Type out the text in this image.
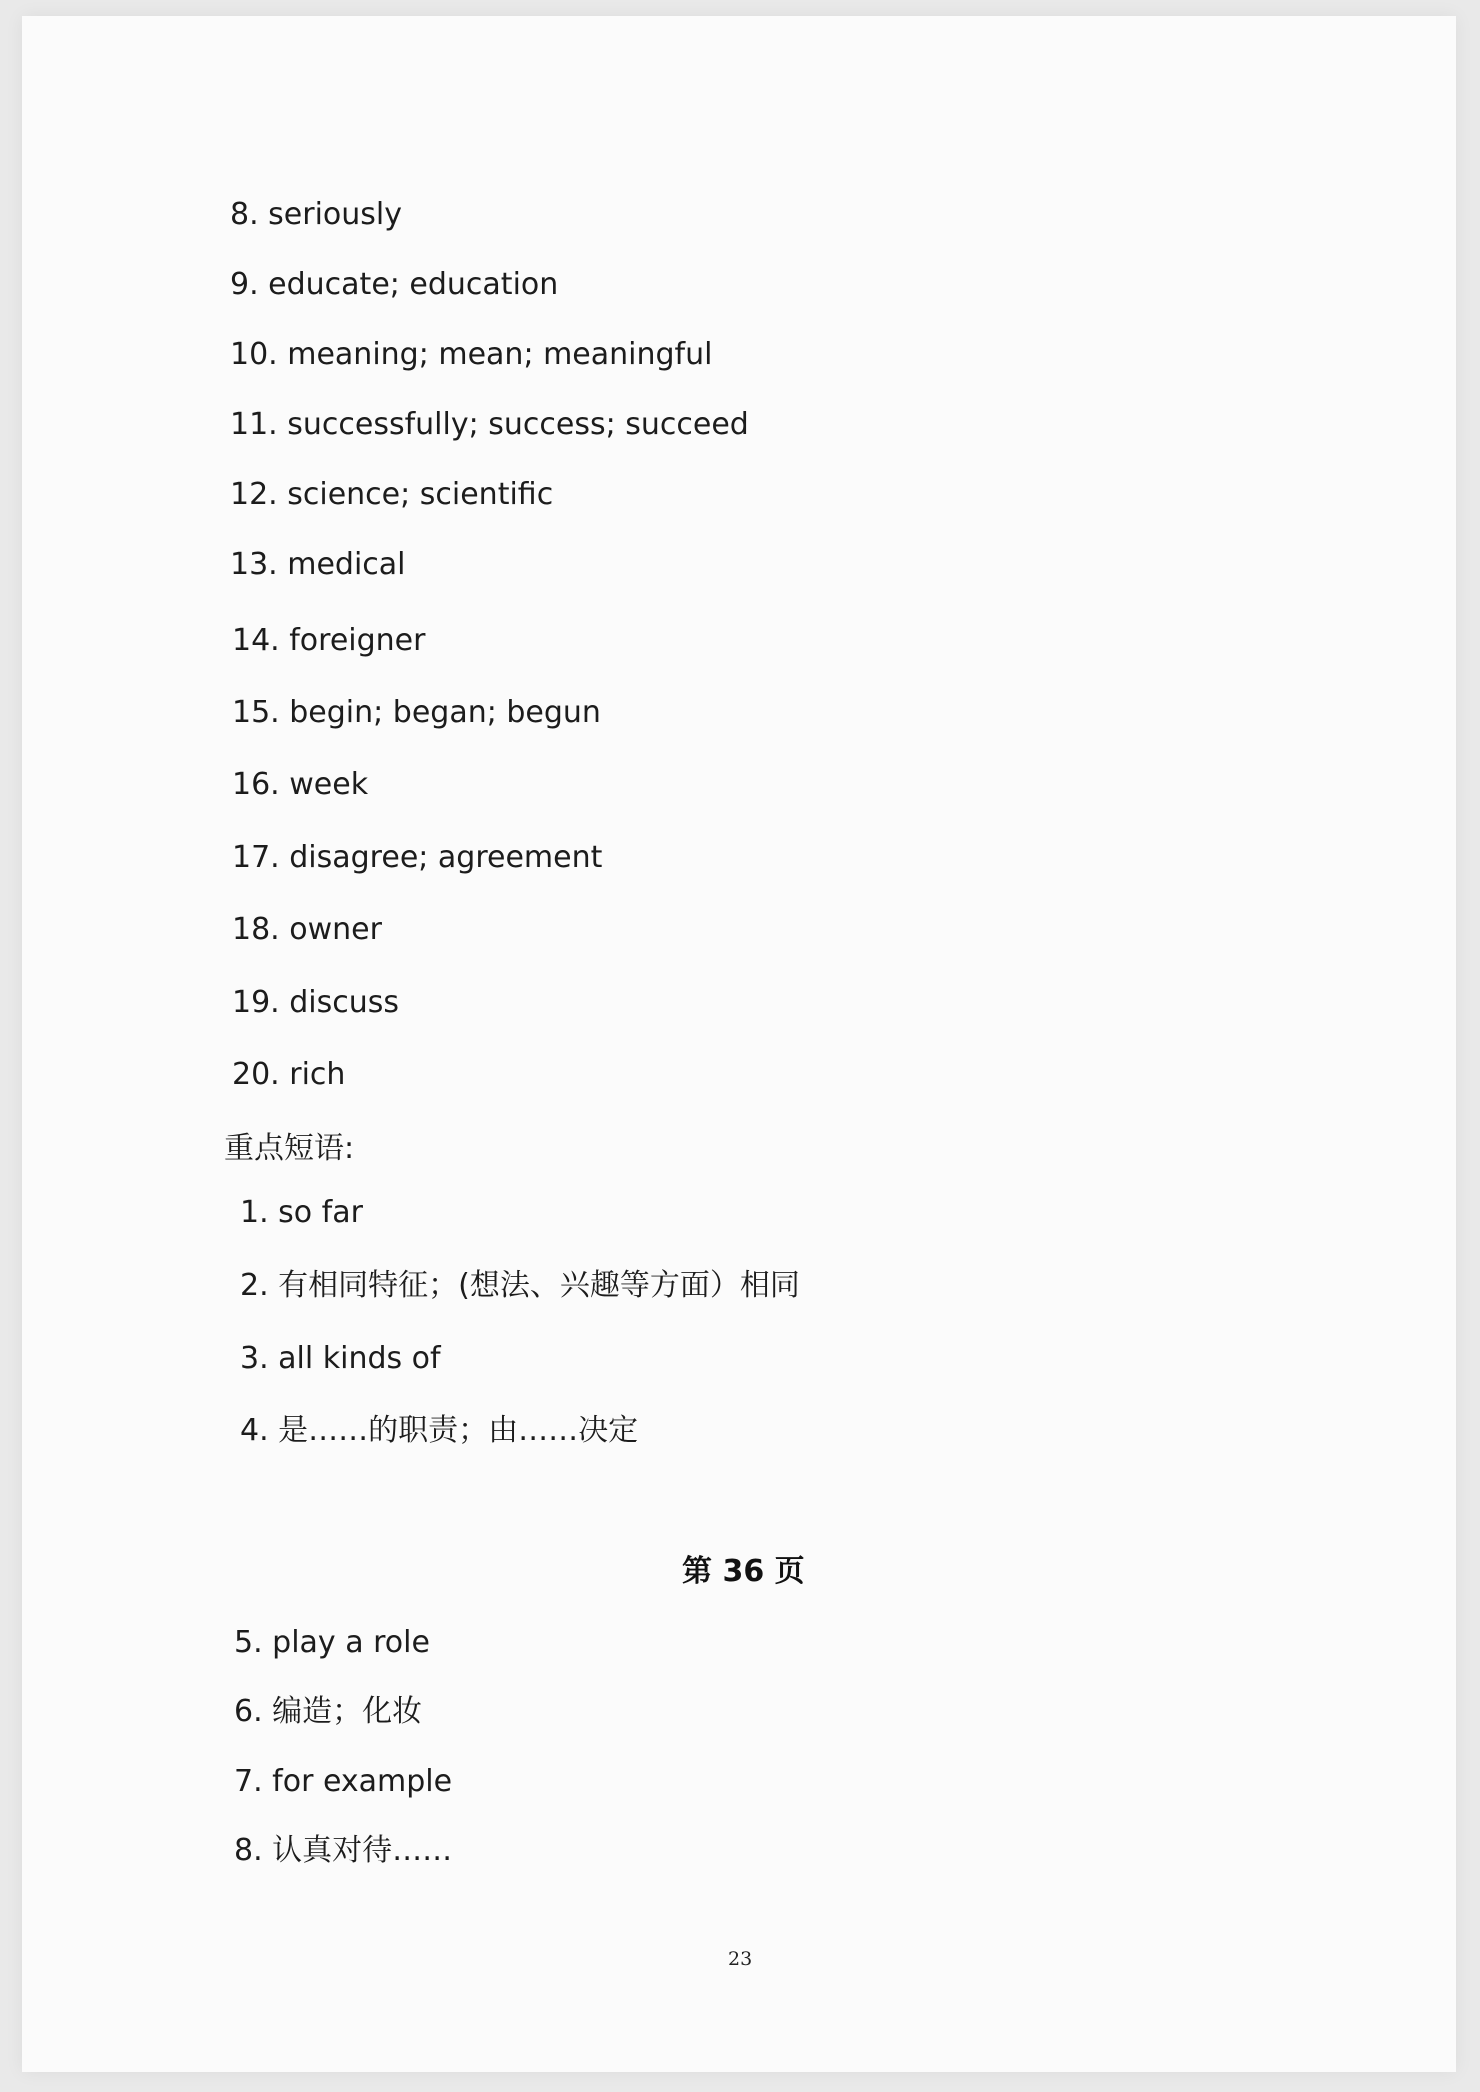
8. seriously
9. educate; education
10. meaning; mean; meaningful
11. successfully; success; succeed
12. science; scientific
13. medical
14. foreigner
15. begin; began; begun
16. week
17. disagree; agreement
18. owner
19. discuss
20. rich
重点短语:
1. so far
2. 有相同特征；(想法、兴趣等方面）相同
3. all kinds of
4. 是……的职责；由……决定
第 36 页
5. play a role
6. 编造；化妆
7. for example
8. 认真对待……
23
